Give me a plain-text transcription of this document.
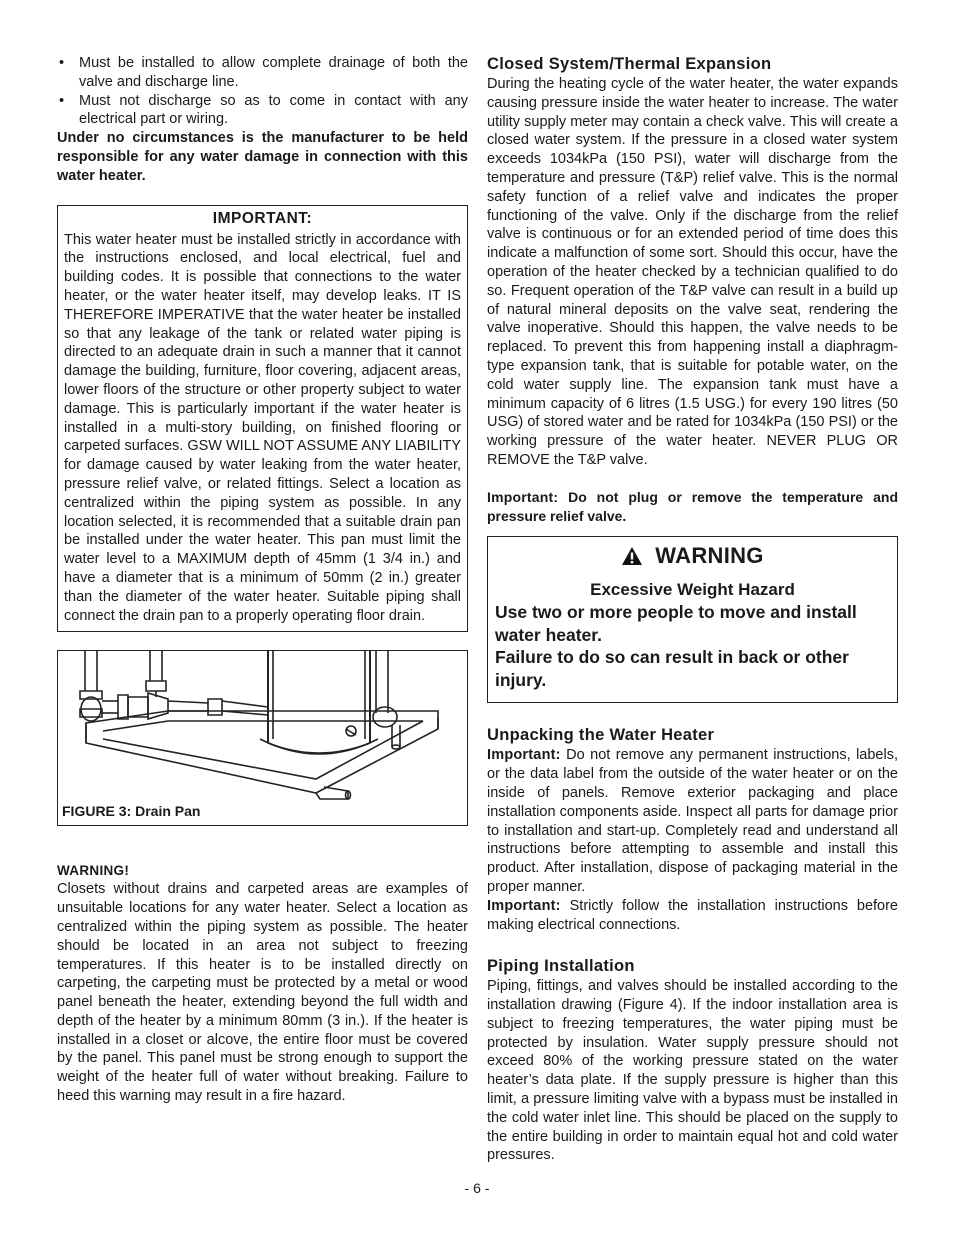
• Must be installed to allow complete drainage of both the valve and discharge line.
• Must not discharge so as to come in contact with any electrical part or wiring.

Under no circumstances is the manufacturer to be held responsible for any water damage in connection with this water heater.

IMPORTANT:

This water heater must be installed strictly in accordance with the instructions enclosed, and local electrical, fuel and building codes. It is possible that connections to the water heater, or the water heater itself, may develop leaks. IT IS THEREFORE IMPERATIVE that the water heater be installed so that any leakage of the tank or related water piping is directed to an adequate drain in such a manner that it cannot damage the building, furniture, floor covering, adjacent areas, lower floors of the structure or other property subject to water damage. This is particularly important if the water heater is installed in a multi-story building, on finished flooring or carpeted surfaces. GSW WILL NOT ASSUME ANY LIABILITY for damage caused by water leaking from the water heater, pressure relief valve, or related fittings. Select a location as centralized within the piping system as possible. In any location selected, it is recommended that a suitable drain pan be installed under the water heater. This pan must limit the water level to a MAXIMUM depth of 45mm (1 3/4 in.) and have a diameter that is a minimum of 50mm (2 in.) greater than the diameter of the water heater. Suitable piping shall connect the drain pan to a properly operating floor drain.

FIGURE 3: Drain Pan
WARNING!

Closets without drains and carpeted areas are examples of unsuitable locations for any water heater. Select a location as centralized within the piping system as possible. The heater should be located in an area not subject to freezing temperatures. If this heater is to be installed directly on carpeting, the carpeting must be protected by a metal or wood panel beneath the heater, extending beyond the full width and depth of the heater by a minimum 80mm (3 in.). If the heater is installed in a closet or alcove, the entire floor must be covered by the panel. This panel must be strong enough to support the weight of the heater full of water without breaking. Failure to heed this warning may result in a fire hazard.

Closed System/Thermal Expansion

During the heating cycle of the water heater, the water expands causing pressure inside the water heater to increase. The water utility supply meter may contain a check valve. This will create a closed water system. If the pressure in a closed water system exceeds 1034kPa (150 PSI), water will discharge from the temperature and pressure (T&P) relief valve. This is the normal safety function of a relief valve and indicates the proper functioning of the valve. Only if the discharge from the relief valve is continuous or for an extended period of time does this indicate a malfunction of some sort. Should this occur, have the operation of the heater checked by a technician qualified to do so. Frequent operation of the T&P valve can result in a build up of natural mineral deposits on the valve seat, rendering the valve inoperative. Should this happen, the valve needs to be replaced. To prevent this from happening install a diaphragm-type expansion tank, that is suitable for potable water, on the cold water supply line. The expansion tank must have a minimum capacity of 6 litres (1.5 USG.) for every 190 litres (50 USG) of stored water and be rated for 1034kPa (150 PSI) or the working pressure of the water heater. NEVER PLUG OR REMOVE the T&P valve.

Important: Do not plug or remove the temperature and pressure relief valve.

WARNING
Excessive Weight Hazard
Use two or more people to move and install water heater.
Failure to do so can result in back or other injury.
Unpacking the Water Heater

Important: Do not remove any permanent instructions, labels, or the data label from the outside of the water heater or on the inside of panels. Remove exterior packaging and place installation components aside. Inspect all parts for damage prior to installation and start-up. Completely read and understand all instructions before attempting to assemble and install this product. After installation, dispose of packaging material in the proper manner.

Important: Strictly follow the installation instructions before making electrical connections.

Piping Installation

Piping, fittings, and valves should be installed according to the installation drawing (Figure 4). If the indoor installation area is subject to freezing temperatures, the water piping must be protected by insulation. Water supply pressure should not exceed 80% of the working pressure stated on the water heater’s data plate. If the supply pressure is higher than this limit, a pressure limiting valve with a bypass must be installed in the cold water inlet line. This should be placed on the supply to the entire building in order to maintain equal hot and cold water pressures.

- 6 -
